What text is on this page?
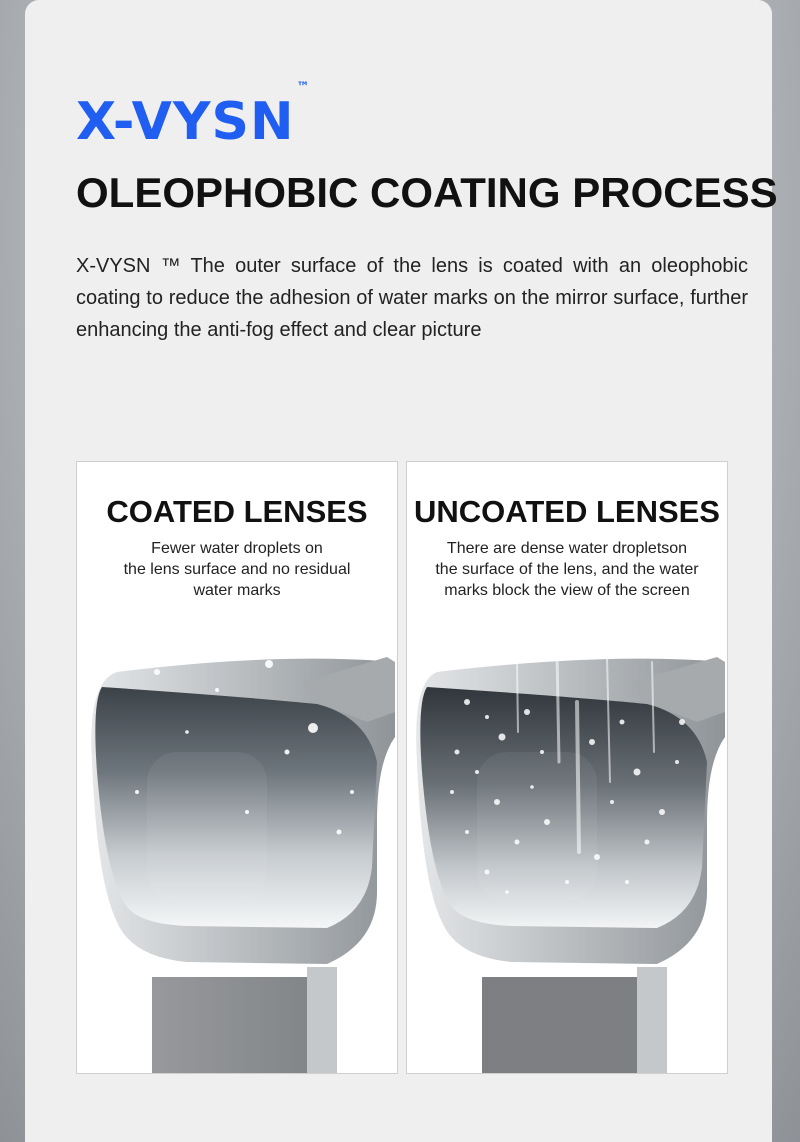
X-VYSN™
OLEOPHOBIC COATING PROCESS

X-VYSN ™ The outer surface of the lens is coated with an oleophobic coating to reduce the adhesion of water marks on the mirror surface, further enhancing the anti-fog effect and clear picture

COATED LENSES

Fewer water droplets on
the lens surface and no residual
water marks

UNCOATED LENSES

There are dense water dropletson
the surface of the lens, and the water
marks block the view of the screen
